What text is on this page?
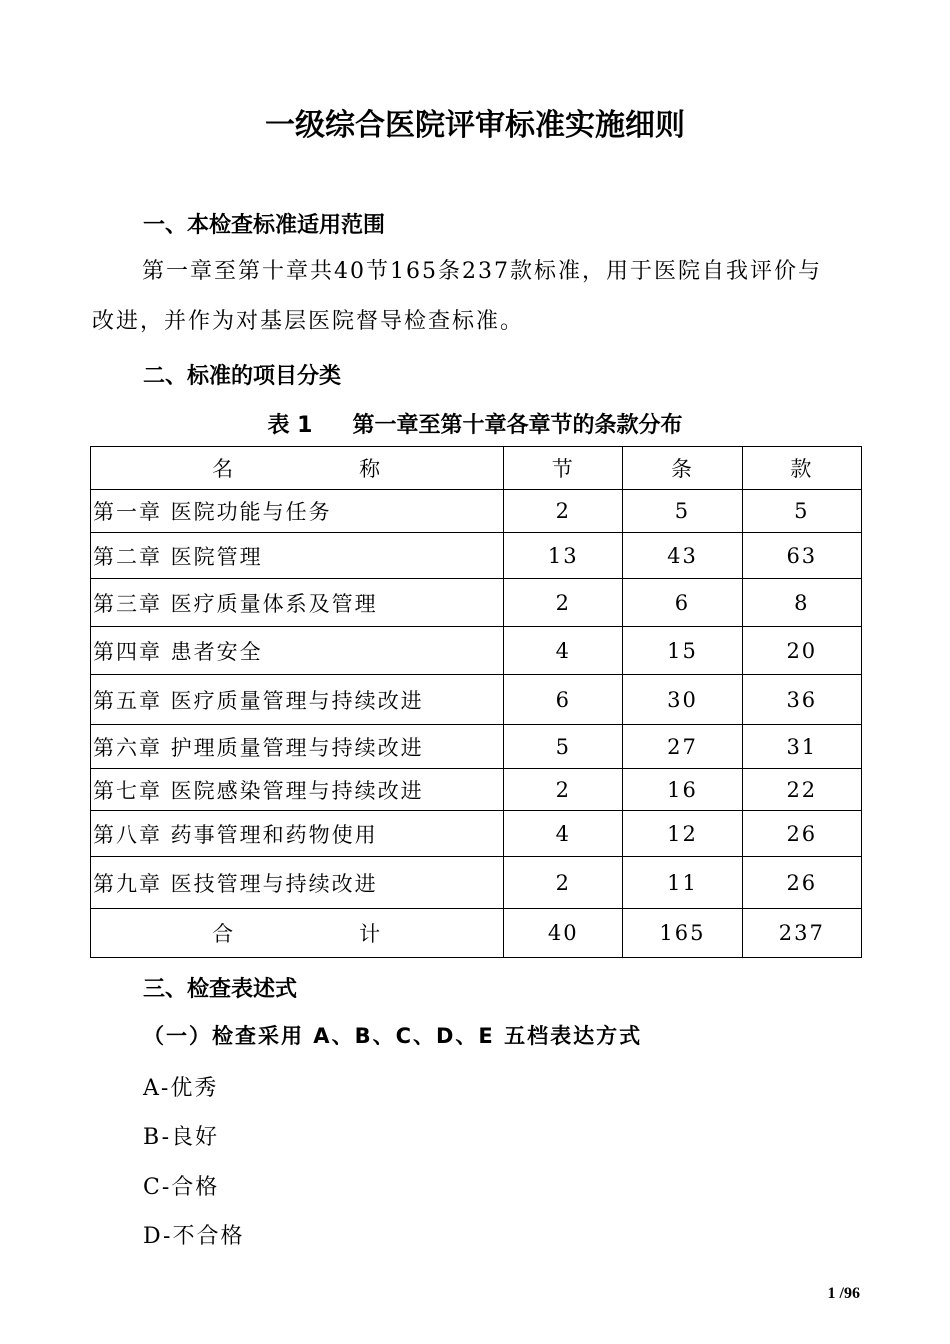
一级综合医院评审标准实施细则
一、本检查标准适用范围
第一章至第十章共40节165条237款标准，用于医院自我评价与
改进，并作为对基层医院督导检查标准。
二、标准的项目分类
表 1 第一章至第十章各章节的条款分布
名称	节	条	款
第一章 医院功能与任务	2	5	5
第二章 医院管理	13	43	63
第三章 医疗质量体系及管理	2	6	8
第四章 患者安全	4	15	20
第五章 医疗质量管理与持续改进	6	30	36
第六章 护理质量管理与持续改进	5	27	31
第七章 医院感染管理与持续改进	2	16	22
第八章 药事管理和药物使用	4	12	26
第九章 医技管理与持续改进	2	11	26
合计	40	165	237
三、检查表述式
（一）检查采用 A、B、C、D、E 五档表达方式
A-优秀
B-良好
C-合格
D-不合格
1 /96
